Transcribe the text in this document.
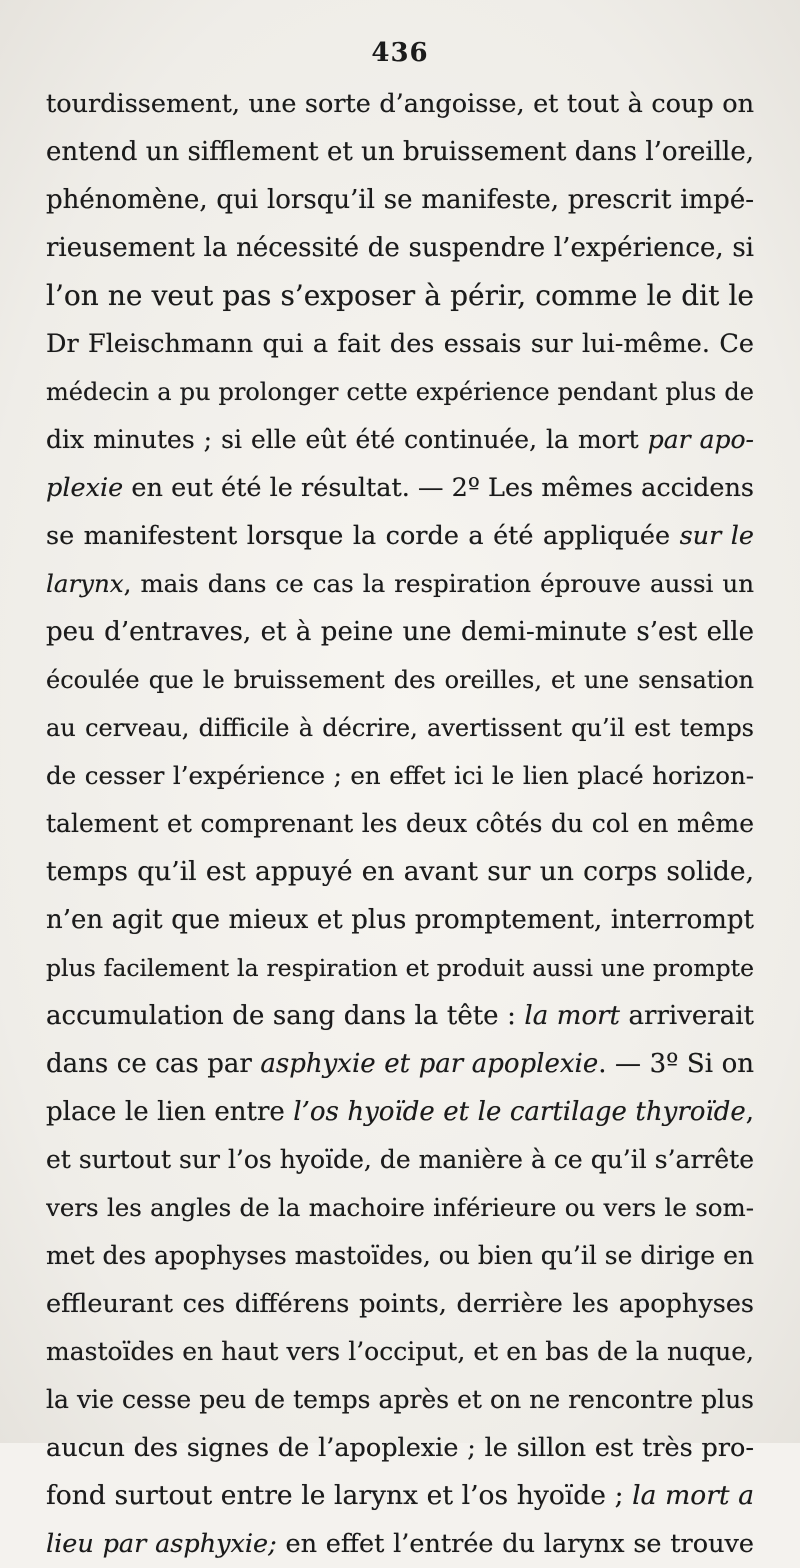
436
tourdissement, une sorte d’angoisse, et tout à coup on
entend un sifflement et un bruissement dans l’oreille,
phénomène, qui lorsqu’il se manifeste, prescrit impé-
rieusement la nécessité de suspendre l’expérience, si
l’on ne veut pas s’exposer à périr, comme le dit le
Dr Fleischmann qui a fait des essais sur lui-même. Ce
médecin a pu prolonger cette expérience pendant plus de
dix minutes ; si elle eût été continuée, la mort par apo-
plexie en eut été le résultat. — 2º Les mêmes accidens
se manifestent lorsque la corde a été appliquée sur le
larynx, mais dans ce cas la respiration éprouve aussi un
peu d’entraves, et à peine une demi-minute s’est elle
écoulée que le bruissement des oreilles, et une sensation
au cerveau, difficile à décrire, avertissent qu’il est temps
de cesser l’expérience ; en effet ici le lien placé horizon-
talement et comprenant les deux côtés du col en même
temps qu’il est appuyé en avant sur un corps solide,
n’en agit que mieux et plus promptement, interrompt
plus facilement la respiration et produit aussi une prompte
accumulation de sang dans la tête : la mort arriverait
dans ce cas par asphyxie et par apoplexie. — 3º Si on
place le lien entre l’os hyoïde et le cartilage thyroïde,
et surtout sur l’os hyoïde, de manière à ce qu’il s’arrête
vers les angles de la machoire inférieure ou vers le som-
met des apophyses mastoïdes, ou bien qu’il se dirige en
effleurant ces différens points, derrière les apophyses
mastoïdes en haut vers l’occiput, et en bas de la nuque,
la vie cesse peu de temps après et on ne rencontre plus
aucun des signes de l’apoplexie ; le sillon est très pro-
fond surtout entre le larynx et l’os hyoïde ; la mort a
lieu par asphyxie; en effet l’entrée du larynx se trouve
